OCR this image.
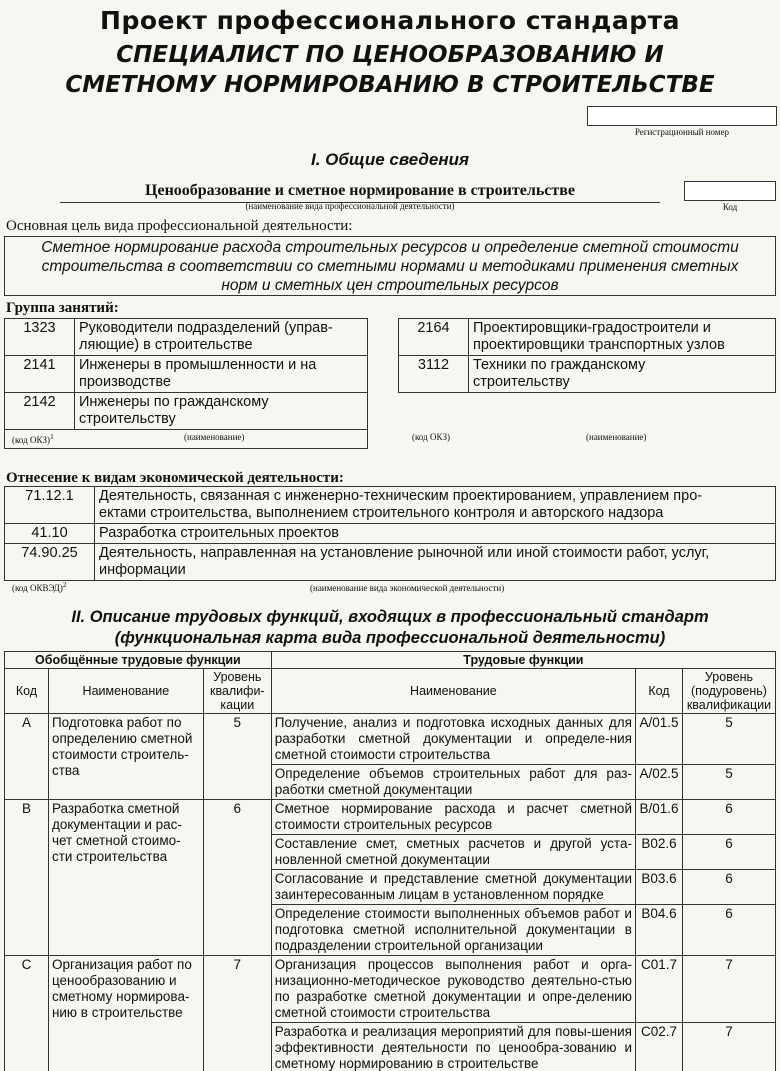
Проект профессионального стандарта
СПЕЦИАЛИСТ ПО ЦЕНООБРАЗОВАНИЮ И
СМЕТНОМУ НОРМИРОВАНИЮ В СТРОИТЕЛЬСТВЕ
Регистрационный номер
I. Общие сведения
Ценообразование и сметное нормирование в строительстве
(наименование вида профессиональной деятельности)	Код
Основная цель вида профессиональной деятельности:
Сметное нормирование расхода строительных ресурсов и определение сметной стоимости
строительства в соответствии со сметными нормами и методиками применения сметных
норм и сметных цен строительных ресурсов
Группа занятий:
1323	Руководители подразделений (управ-
ляющие) в строительстве

2141	Инженеры в промышленности и на
производстве

2142	Инженеры по гражданскому
строительству
(код ОКЗ)$^1$	(наименование)
2164	Проектировщики-градостроители и
проектировщики транспортных узлов

3112	Техники по гражданскому
строительству
(код ОКЗ)	(наименование)
Отнесение к видам экономической деятельности:
71.12.1	Деятельность, связанная с инженерно-техническим проектированием, управлением про-
ектами строительства, выполнением строительного контроля и авторского надзора

41.10	Разработка строительных проектов
74.90.25	Деятельность, направленная на установление рыночной или иной стоимости работ, услуг,
информации
(код ОКВЭД)$^2$	(наименование вида экономической деятельности)
II. Описание трудовых функций, входящих в профессиональный стандарт
(функциональная карта вида профессиональной деятельности)
Обобщённые трудовые функции			Трудовые функции		
Код	Наименование	Уровень квалифи-кации	Наименование	Код	Уровень (подуровень) квалификации
A	Подготовка работ по определению сметной стоимости строитель-ства	5	Получение, анализ и подготовка исходных данных для разработки сметной документации и определе-ния сметной стоимости строительства	A/01.5	5
			Определение объемов строительных работ для раз-работки сметной документации	A/02.5	5
B	Разработка сметной документации и рас-чет сметной стоимо-сти строительства	6	Сметное нормирование расхода и расчет сметной стоимости строительных ресурсов	B/01.6	6
			Составление смет, сметных расчетов и другой уста-новленной сметной документации	B02.6	6
			Согласование и представление сметной документации заинтересованным лицам в установленном порядке	B03.6	6
			Определение стоимости выполненных объемов работ и подготовка сметной исполнительной документации в подразделении строительной организации	B04.6	6
C	Организация работ по ценообразованию и сметному нормирова-нию в строительстве	7	Организация процессов выполнения работ и орга-низационно-методическое руководство деятельно-стью по разработке сметной документации и опре-делению сметной стоимости строительства	C01.7	7
			Разработка и реализация мероприятий для повы-шения эффективности деятельности по ценообра-зованию и сметному нормированию в строительстве	C02.7	7
